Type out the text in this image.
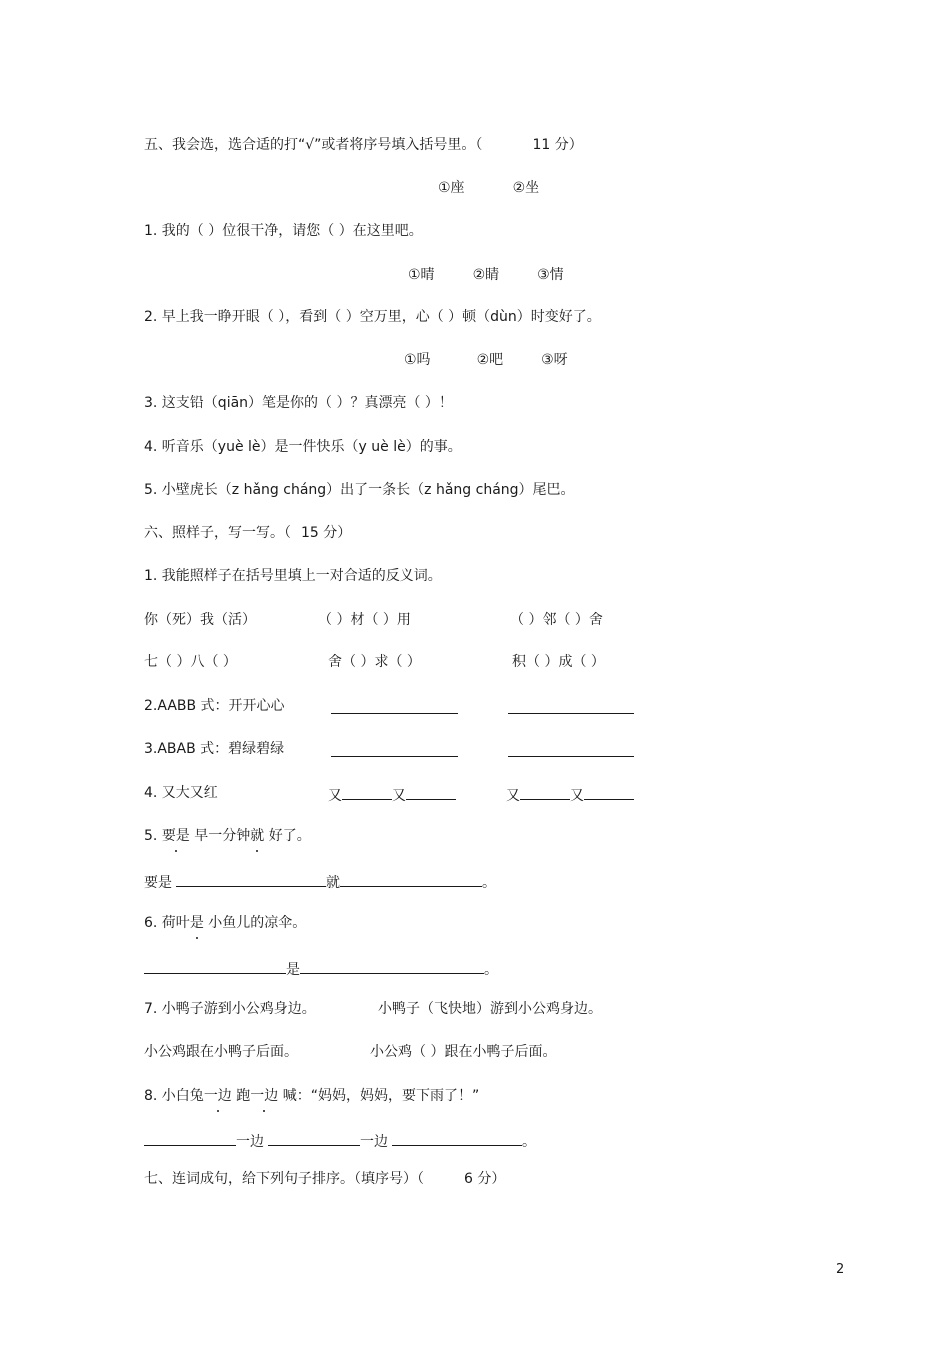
五、我会选，选合适的打“√”或者将序号填入括号里。（	11 分）
①座	②坐
1. 我的（ ）位很干净，请您（ ）在这里吧。
①晴	②睛	③情
2. 早上我一睁开眼（ ），看到（ ）空万里，心（ ）顿（dùn）时变好了。
①吗	②吧	③呀
3. 这支铅（qiān）笔是你的（ ）？真漂亮（ ）！
4. 听音乐（yuè lè）是一件快乐（y uè lè）的事。
5. 小壁虎长（z hǎng cháng）出了一条长（z hǎng cháng）尾巴。
六、照样子，写一写。（ 15 分）
1. 我能照样子在括号里填上一对合适的反义词。
你（死）我（活）	（ ）材（ ）用	（ ）邻（ ）舍
七（ ）八（ ）	舍（ ）求（ ）	积（ ）成（ ）
2.AABB 式：开开心心
3.ABAB 式：碧绿碧绿
4. 又大又红	又	又	又	又
5. 要是 早一分钟就 好了。
要是	就	。
6. 荷叶是 小鱼儿的凉伞。
是	。
7. 小鸭子游到小公鸡身边。	小鸭子（飞快地）游到小公鸡身边。
小公鸡跟在小鸭子后面。	小公鸡（ ）跟在小鸭子后面。
8. 小白兔一边 跑一边 喊：“妈妈，妈妈，要下雨了！”
一边	一边	。
七、连词成句，给下列句子排序。（填序号）（	6 分）
2
